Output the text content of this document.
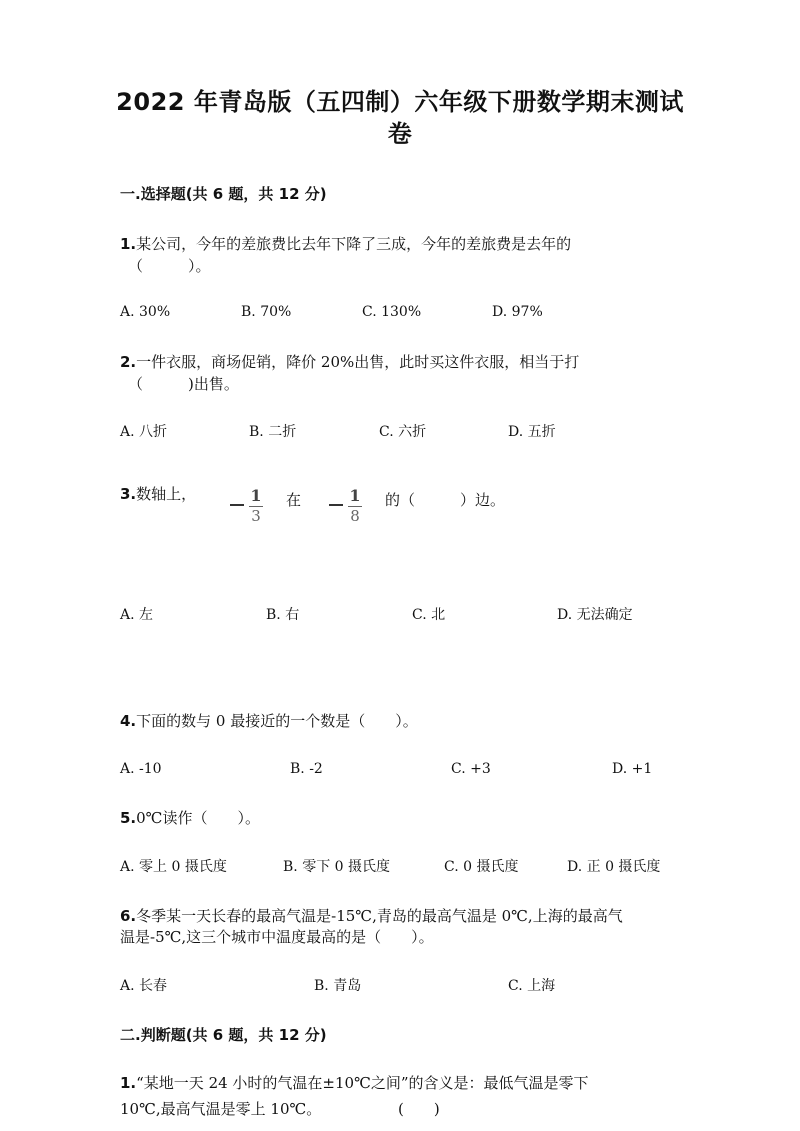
2022 年青岛版（五四制）六年级下册数学期末测试
卷
一.选择题(共 6 题，共 12 分)
1.某公司，今年的差旅费比去年下降了三成，今年的差旅费是去年的
（　　　）。
A. 30%	B. 70%	C. 130%	D. 97%
2.一件衣服，商场促销，降价 20%出售，此时买这件衣服，相当于打
（　　　)出售。
A. 八折	B. 二折	C. 六折	D. 五折
3.数轴上，	1
3
在	1
8
的（　　　）边。
A. 左	B. 右	C. 北	D. 无法确定
4.下面的数与 0 最接近的一个数是（　　）。
A. -10	B. -2	C. +3	D. +1
5.0℃读作（　　）。
A. 零上 0 摄氏度	B. 零下 0 摄氏度	C. 0 摄氏度	D. 正 0 摄氏度
6.冬季某一天长春的最高气温是-15℃,青岛的最高气温是 0℃,上海的最高气
温是-5℃,这三个城市中温度最高的是（　　）。
A. 长春	B. 青岛	C. 上海
二.判断题(共 6 题，共 12 分)
1.“某地一天 24 小时的气温在±10℃之间”的含义是：最低气温是零下
10℃,最高气温是零上 10℃。	(　　)
